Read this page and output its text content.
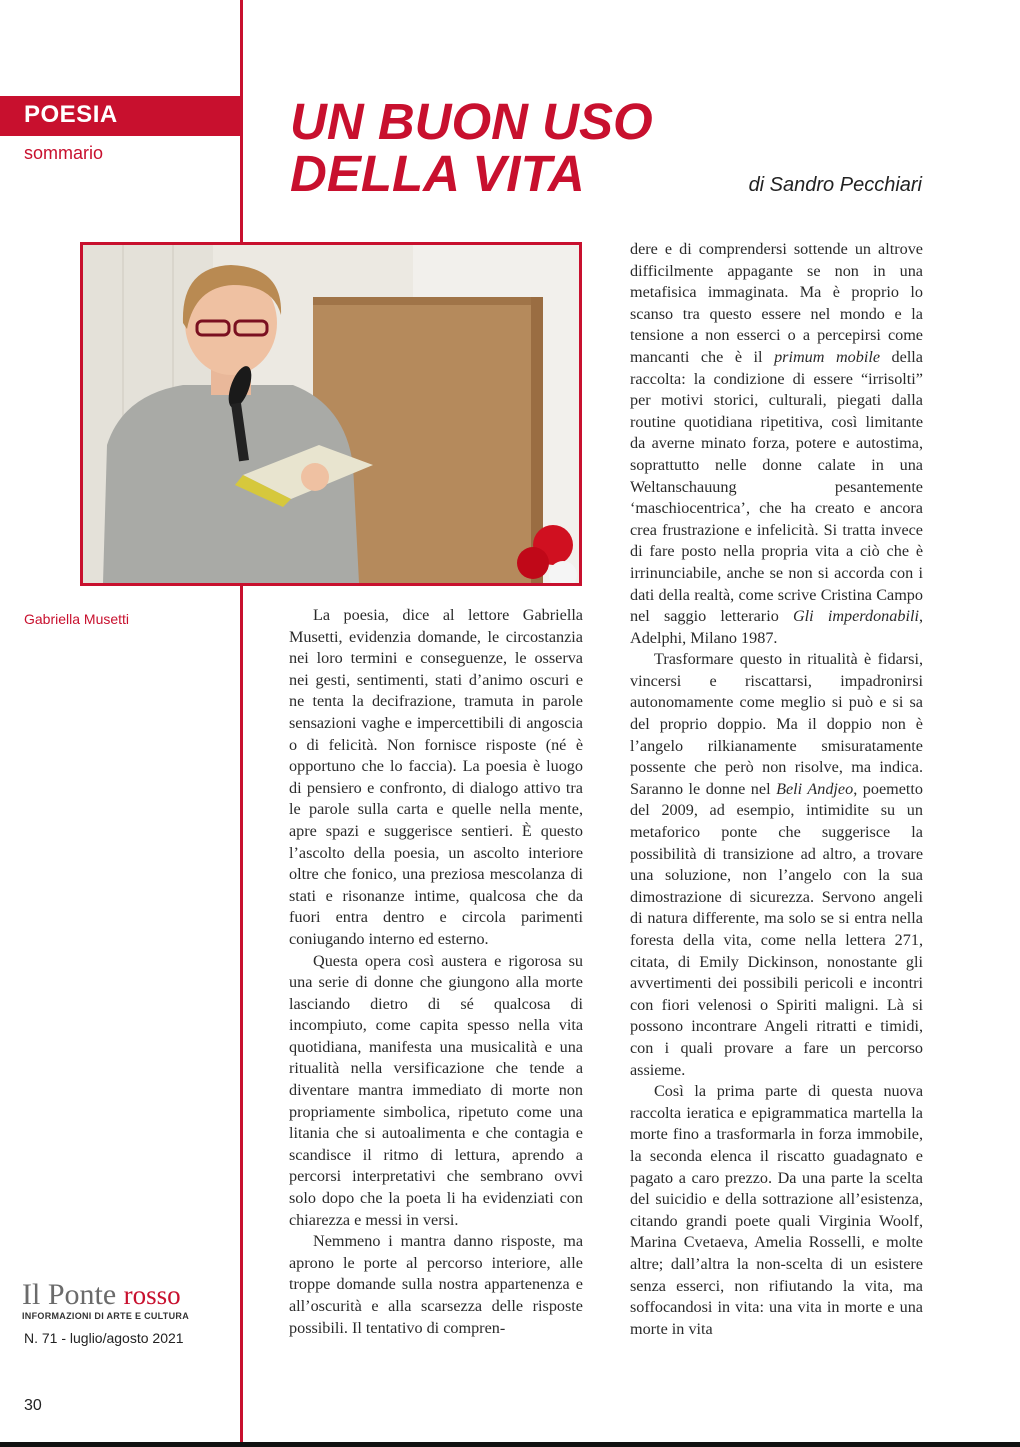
POESIA
sommario
UN BUON USO
DELLA VITA	di Sandro Pecchiari
Gabriella Musetti	La poesia, dice al lettore Gabriella Musetti, evidenzia domande, le circostanzia nei loro termini e conseguenze, le osserva nei gesti, sentimenti, stati d’animo oscuri e ne tenta la decifrazione, tramuta in parole sensazioni vaghe e impercettibili di angoscia o di felicità. Non fornisce risposte (né è opportuno che lo faccia). La poesia è luogo di pensiero e confronto, di dialogo attivo tra le parole sulla carta e quelle nella mente, apre spazi e suggerisce sentieri. È questo l’ascolto della poesia, un ascolto interiore oltre che fonico, una preziosa mescolanza di stati e risonanze intime, qualcosa che da fuori entra dentro e circola parimenti coniugando interno ed esterno.

Questa opera così austera e rigorosa su una serie di donne che giungono alla morte lasciando dietro di sé qualcosa di incompiuto, come capita spesso nella vita quotidiana, manifesta una musicalità e una ritualità nella versificazione che tende a diventare mantra immediato di morte non propriamente simbolica, ripetuto come una litania che si autoalimenta e che contagia e scandisce il ritmo di lettura, aprendo a percorsi interpretativi che sembrano ovvi solo dopo che la poeta li ha evidenziati con chiarezza e messi in versi.

Nemmeno i mantra danno risposte, ma aprono le porte al percorso interiore, alle troppe domande sulla nostra appartenenza e all’oscurità e alla scarsezza delle risposte possibili. Il tentativo di compren-

dere e di comprendersi sottende un altrove difficilmente appagante se non in una metafisica immaginata. Ma è proprio lo scanso tra questo essere nel mondo e la tensione a non esserci o a percepirsi come mancanti che è il primum mobile della raccolta: la condizione di essere “irrisolti” per motivi storici, culturali, piegati dalla routine quotidiana ripetitiva, così limitante da averne minato forza, potere e autostima, soprattutto nelle donne calate in una Weltanschauung pesantemente ‘maschiocentrica’, che ha creato e ancora crea frustrazione e infelicità. Si tratta invece di fare posto nella propria vita a ciò che è irrinunciabile, anche se non si accorda con i dati della realtà, come scrive Cristina Campo nel saggio letterario Gli imperdonabili, Adelphi, Milano 1987.

Trasformare questo in ritualità è fidarsi, vincersi e riscattarsi, impadronirsi autonomamente come meglio si può e si sa del proprio doppio. Ma il doppio non è l’angelo rilkianamente smisuratamente possente che però non risolve, ma indica. Saranno le donne nel Beli Andjeo, poemetto del 2009, ad esempio, intimidite su un metaforico ponte che suggerisce la possibilità di transizione ad altro, a trovare una soluzione, non l’angelo con la sua dimostrazione di sicurezza. Servono angeli di natura differente, ma solo se si entra nella foresta della vita, come nella lettera 271, citata, di Emily Dickinson, nonostante gli avvertimenti dei possibili pericoli e incontri con fiori velenosi o Spiriti maligni. Là si possono incontrare Angeli ritratti e timidi, con i quali provare a fare un percorso assieme.

Così la prima parte di questa nuova raccolta ieratica e epigrammatica martella la morte fino a trasformarla in forza immobile, la seconda elenca il riscatto guadagnato e pagato a caro prezzo. Da una parte la scelta del suicidio e della sottrazione all’esistenza, citando grandi poete quali Virginia Woolf, Marina Cvetaeva, Amelia Rosselli, e molte altre; dall’altra la non-scelta di un esistere senza esserci, non rifiutando la vita, ma soffocandosi in vita: una vita in morte e una morte in vita

Il Ponte rosso
INFORMAZIONI DI ARTE E CULTURA
N. 71 - luglio/agosto 2021
30
